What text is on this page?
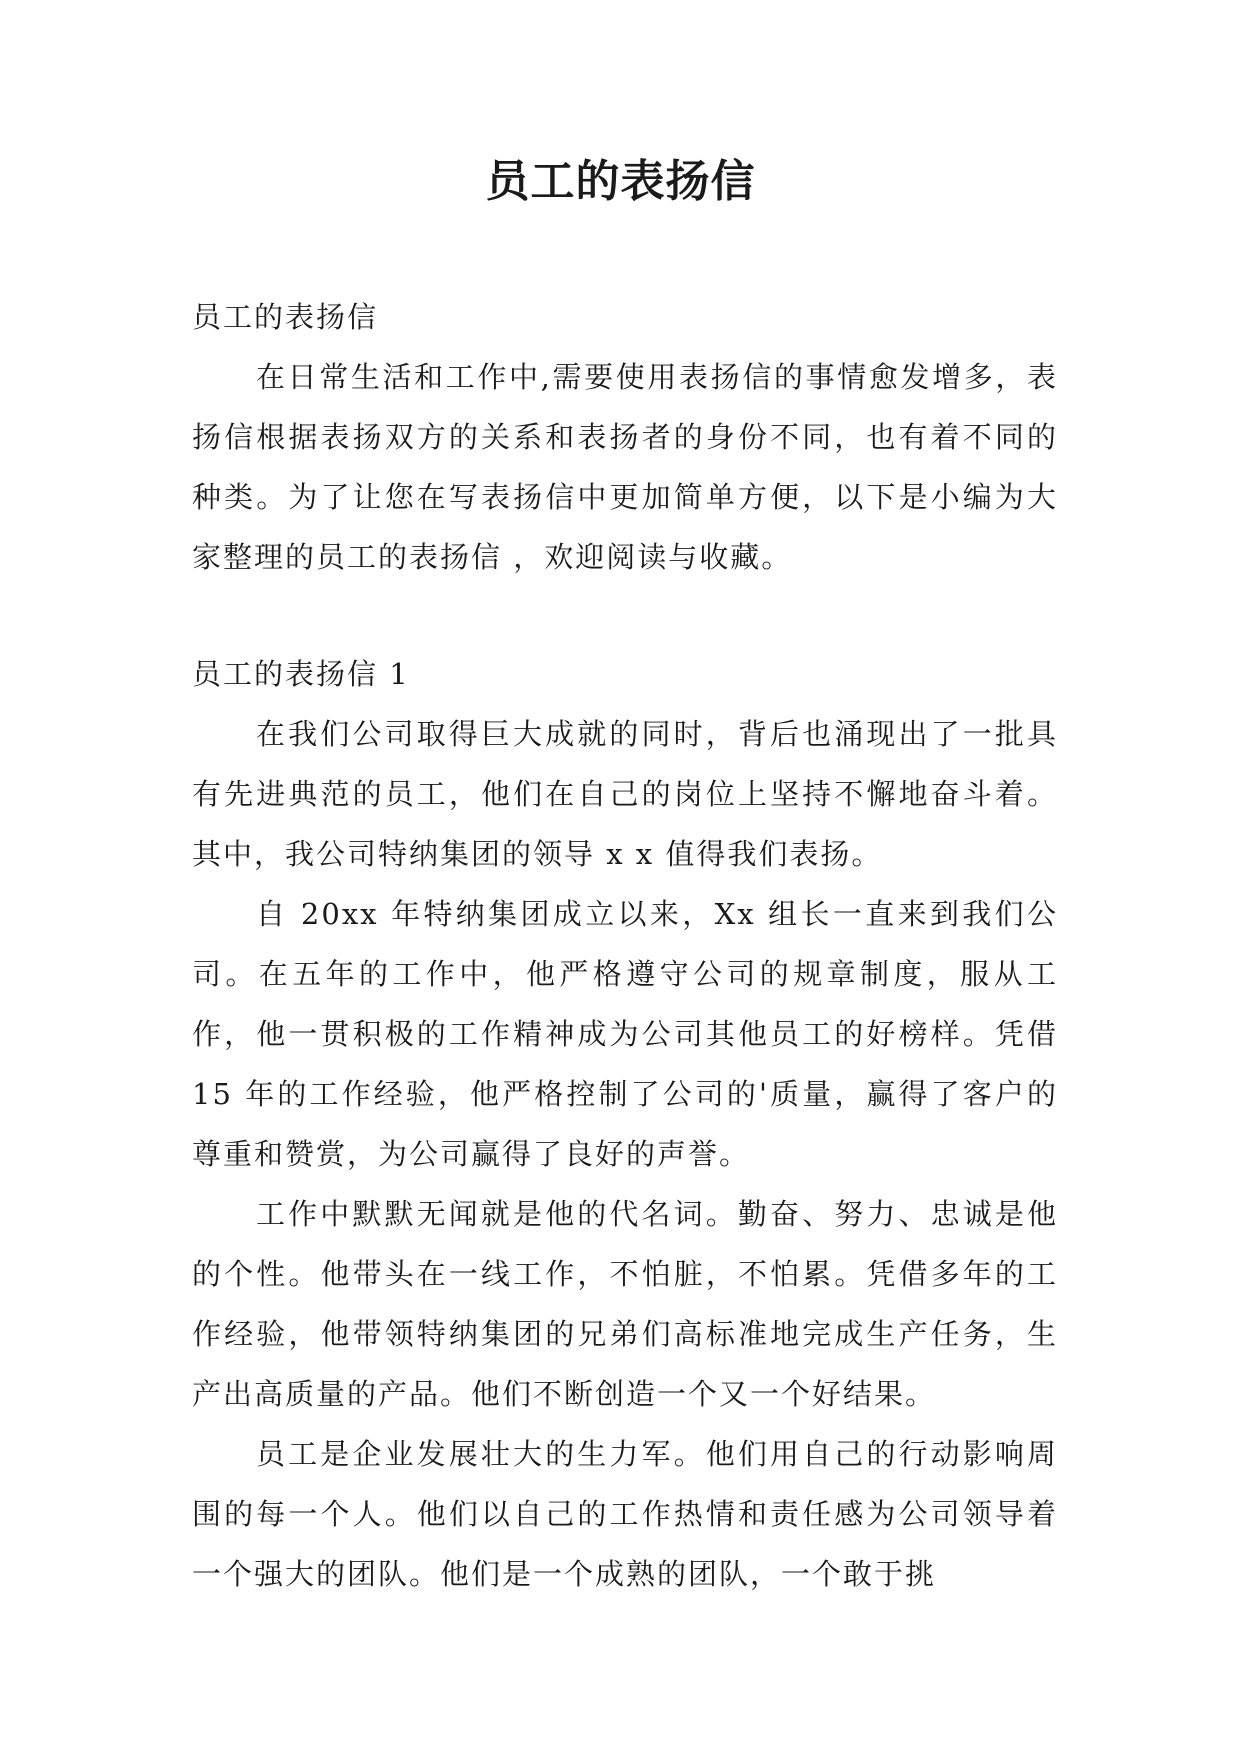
员工的表扬信

员工的表扬信

在日常生活和工作中,需要使用表扬信的事情愈发增多，表扬信根据表扬双方的关系和表扬者的身份不同，也有着不同的种类。为了让您在写表扬信中更加简单方便，以下是小编为大家整理的员工的表扬信 ，欢迎阅读与收藏。

员工的表扬信 1

在我们公司取得巨大成就的同时，背后也涌现出了一批具有先进典范的员工，他们在自己的岗位上坚持不懈地奋斗着。其中，我公司特纳集团的领导 x x 值得我们表扬。

自 20xx 年特纳集团成立以来，Xx 组长一直来到我们公司。在五年的工作中，他严格遵守公司的规章制度，服从工作，他一贯积极的工作精神成为公司其他员工的好榜样。凭借 15 年的工作经验，他严格控制了公司的'质量，赢得了客户的尊重和赞赏，为公司赢得了良好的声誉。

工作中默默无闻就是他的代名词。勤奋、努力、忠诚是他的个性。他带头在一线工作，不怕脏，不怕累。凭借多年的工作经验，他带领特纳集团的兄弟们高标准地完成生产任务，生产出高质量的产品。他们不断创造一个又一个好结果。

员工是企业发展壮大的生力军。他们用自己的行动影响周围的每一个人。他们以自己的工作热情和责任感为公司领导着一个强大的团队。他们是一个成熟的团队，一个敢于挑
